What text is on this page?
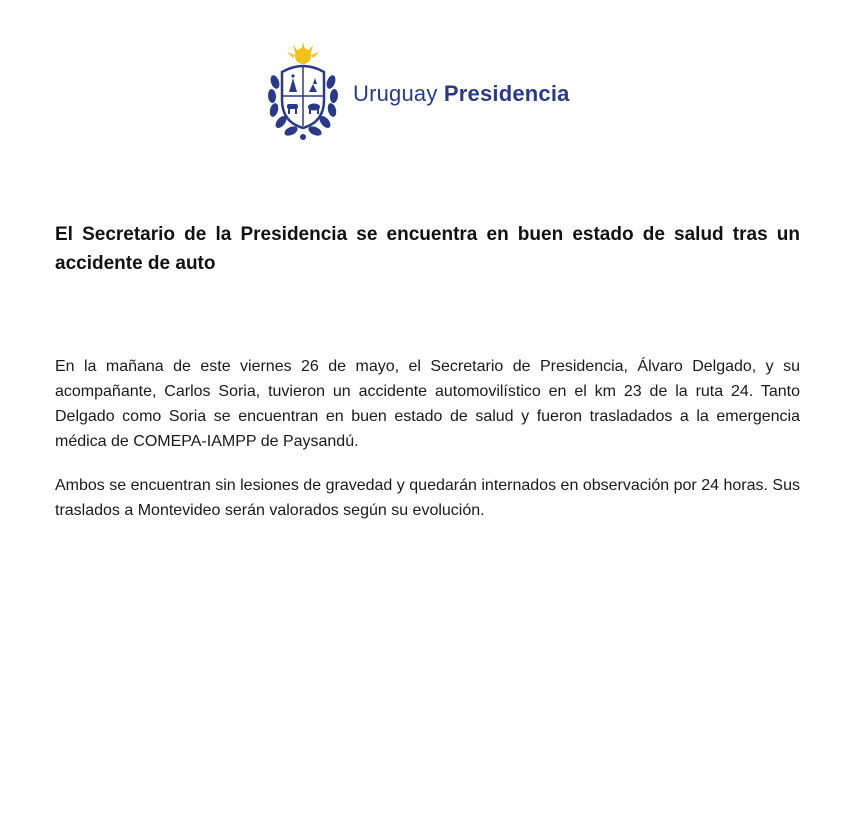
Uruguay Presidencia
El Secretario de la Presidencia se encuentra en buen estado de salud tras un accidente de auto

En la mañana de este viernes 26 de mayo, el Secretario de Presidencia, Álvaro Delgado, y su acompañante, Carlos Soria, tuvieron un accidente automovilístico en el km 23 de la ruta 24. Tanto Delgado como Soria se encuentran en buen estado de salud y fueron trasladados a la emergencia médica de COMEPA-IAMPP de Paysandú.

Ambos se encuentran sin lesiones de gravedad y quedarán internados en observación por 24 horas. Sus traslados a Montevideo serán valorados según su evolución.
